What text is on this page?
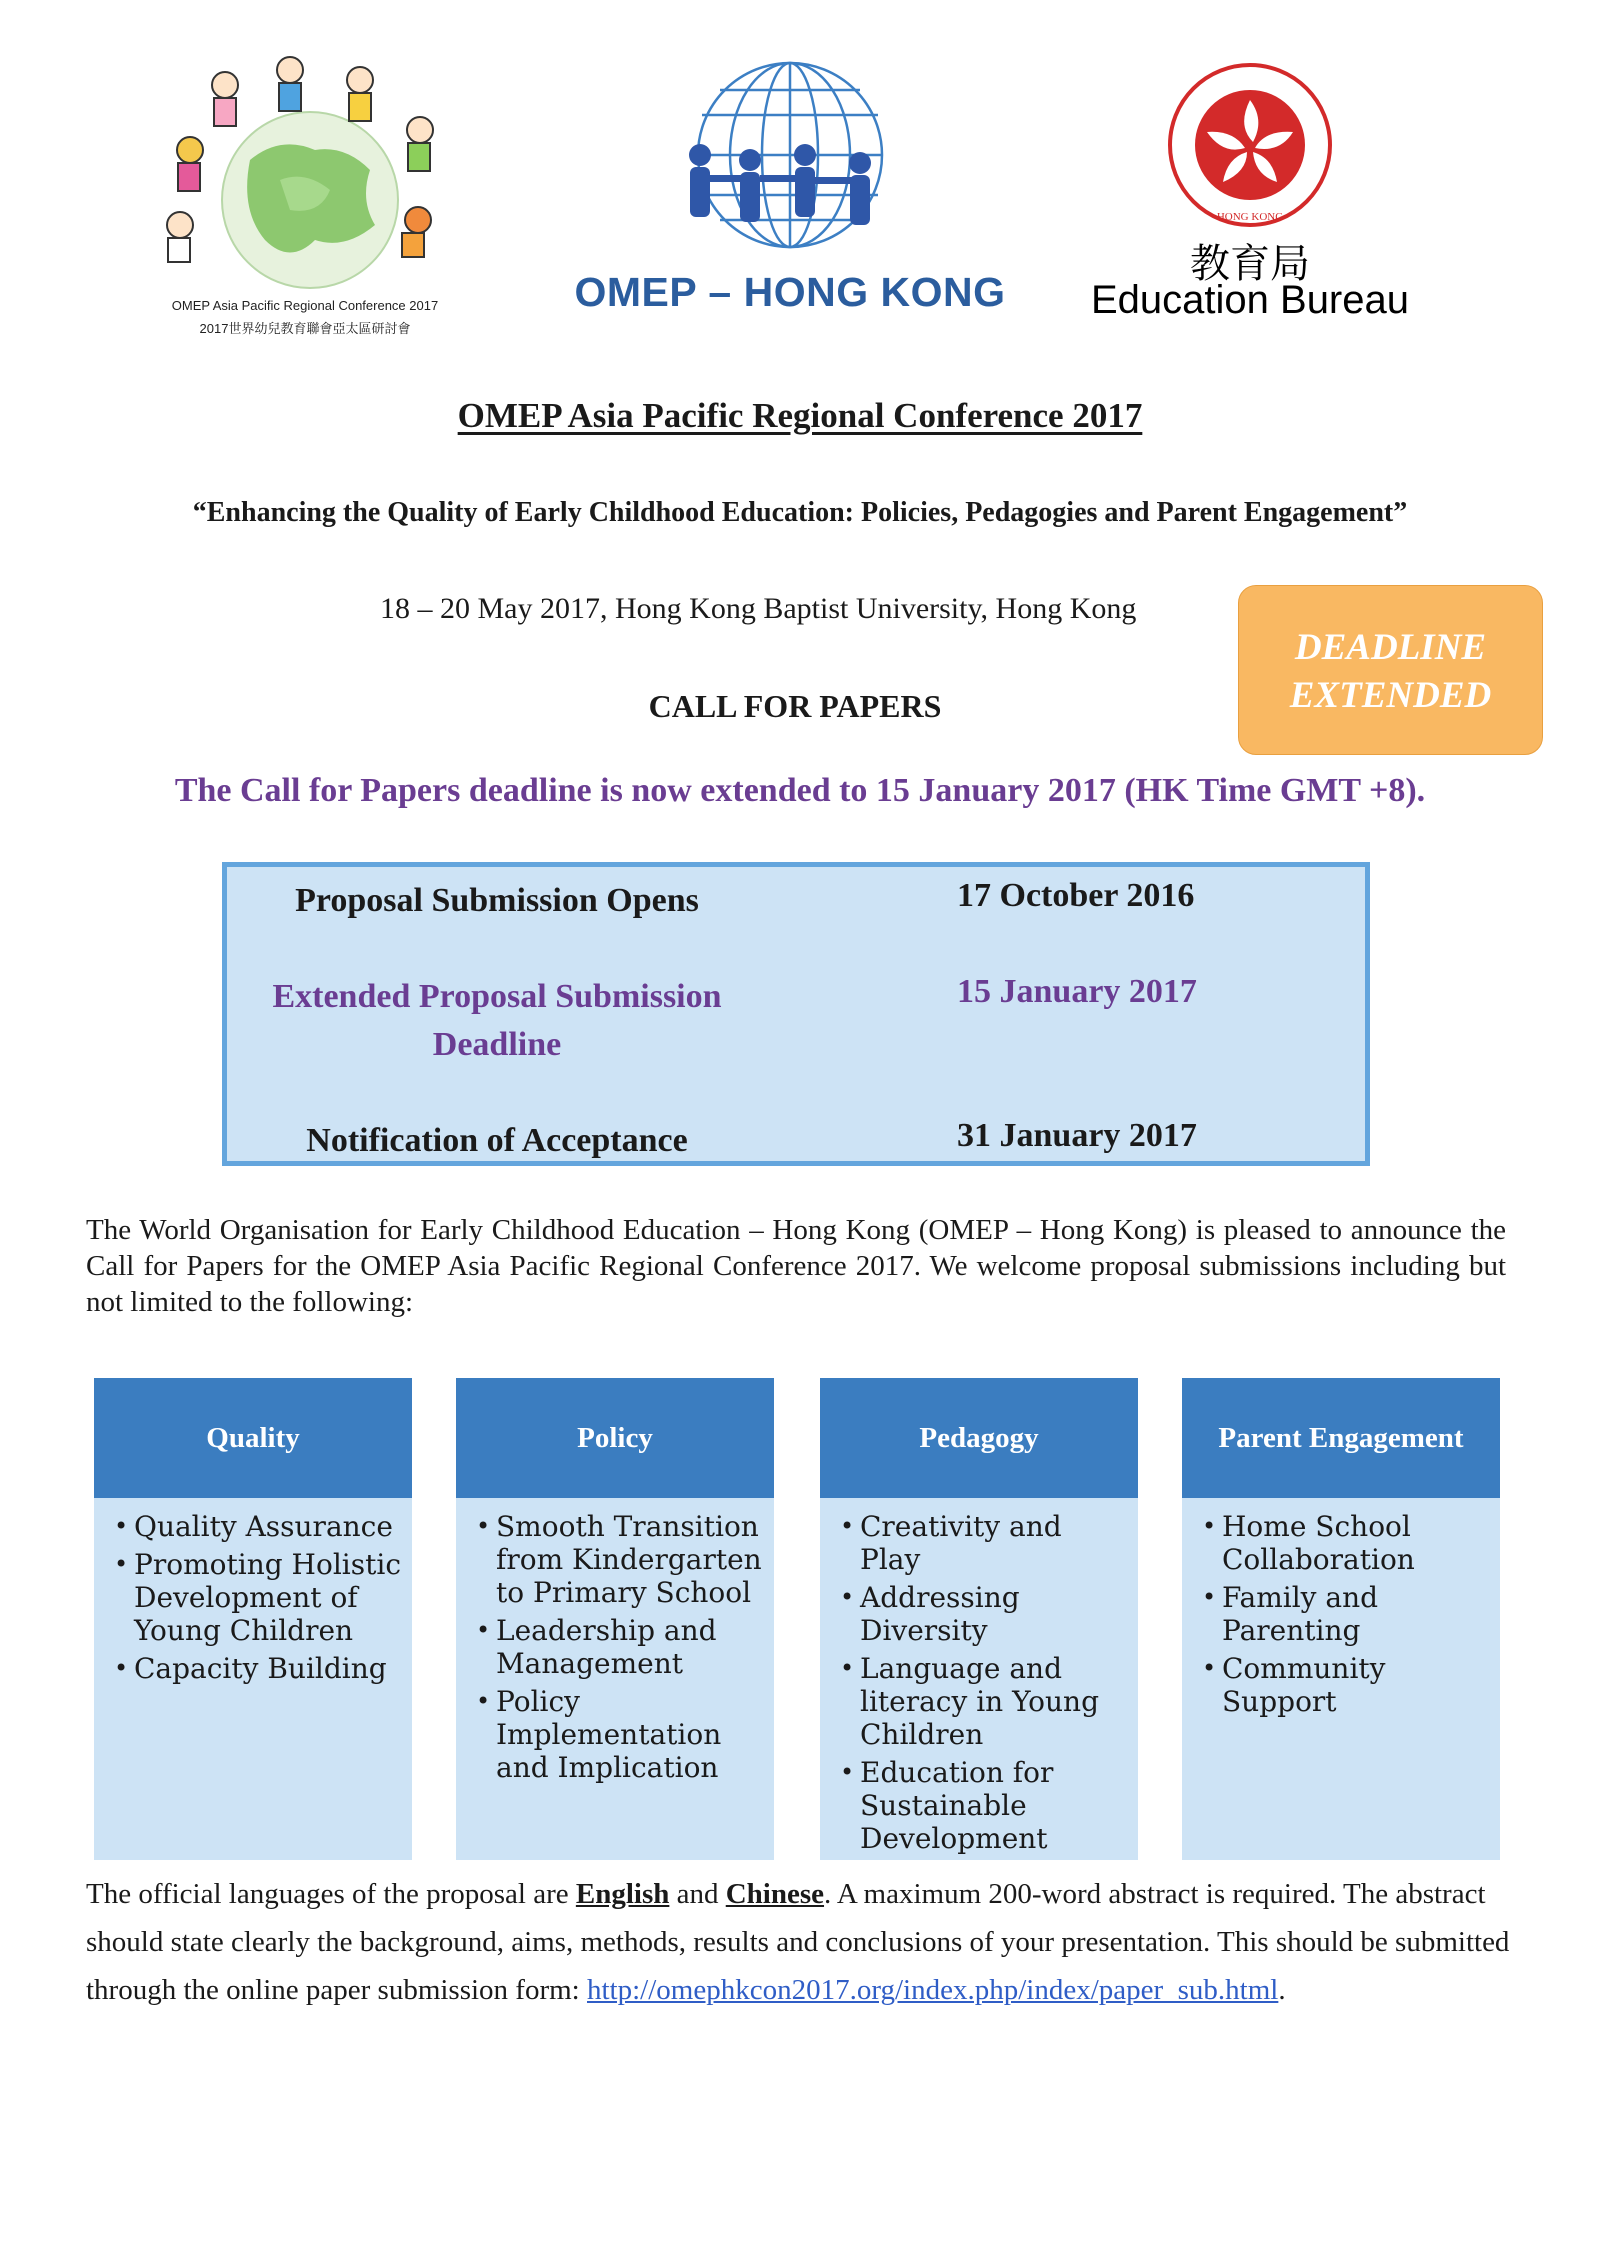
OMEP Asia Pacific Regional Conference 2017
2017世界幼兒教育聯會亞太區研討會
OMEP – HONG KONG
HONG KONG
教育局
Education Bureau
OMEP Asia Pacific Regional Conference 2017
“Enhancing the Quality of Early Childhood Education: Policies, Pedagogies and Parent Engagement”
18 – 20 May 2017, Hong Kong Baptist University, Hong Kong
DEADLINE
EXTENDED
CALL FOR PAPERS
The Call for Papers deadline is now extended to 15 January 2017 (HK Time GMT +8).
Proposal Submission Opens	17 October 2016
Extended Proposal Submission
Deadline
15 January 2017
Notification of Acceptance	31 January 2017
The World Organisation for Early Childhood Education – Hong Kong (OMEP – Hong Kong) is pleased to announce the Call for Papers for the OMEP Asia Pacific Regional Conference 2017. We welcome proposal submissions including but not limited to the following:
Quality
• Quality Assurance
• Promoting Holistic Development of Young Children
• Capacity Building
Policy
• Smooth Transition from Kindergarten to Primary School
• Leadership and Management
• Policy Implementation and Implication
Pedagogy
• Creativity and Play
• Addressing Diversity
• Language and literacy in Young Children
• Education for Sustainable Development
Parent Engagement
• Home School Collaboration
• Family and Parenting
• Community Support
The official languages of the proposal are English and Chinese. A maximum 200-word abstract is required. The abstract should state clearly the background, aims, methods, results and conclusions of your presentation. This should be submitted through the online paper submission form: http://omephkcon2017.org/index.php/index/paper_sub.html.
